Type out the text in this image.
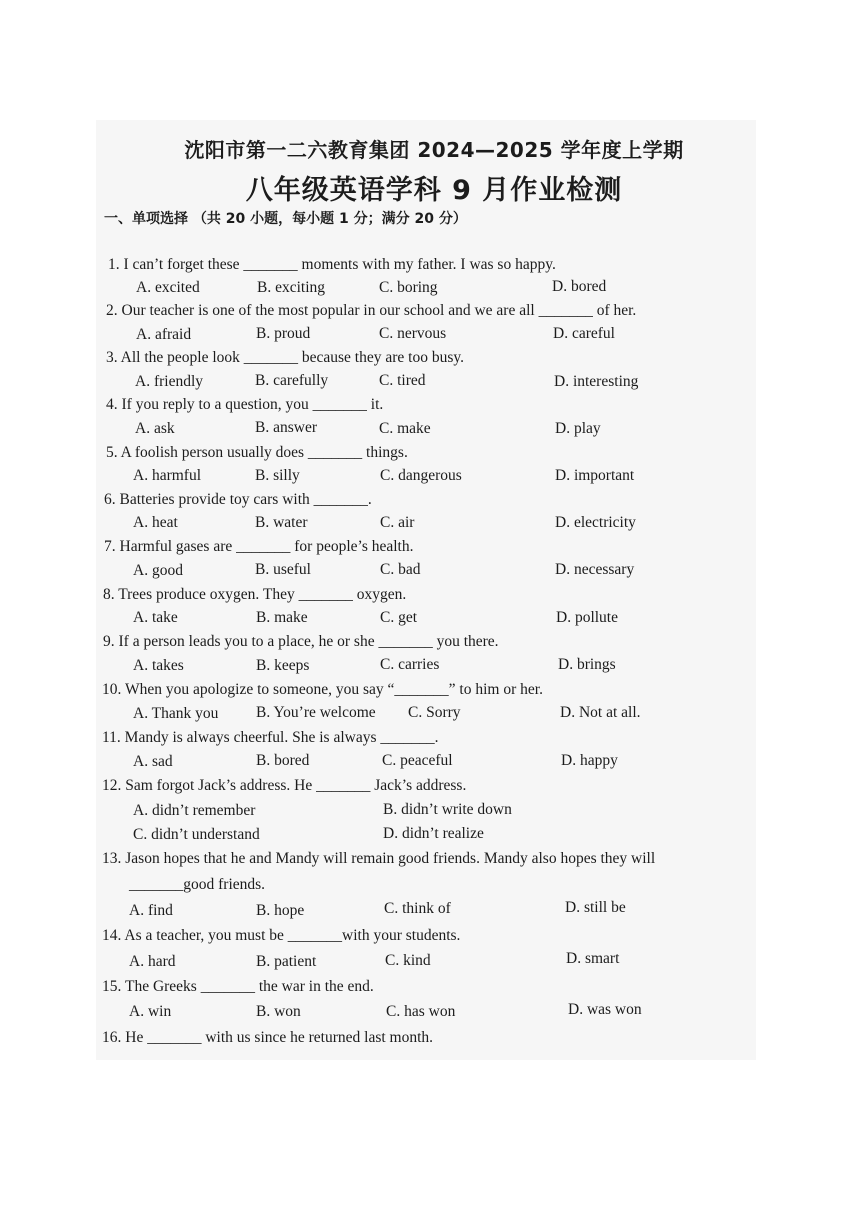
沈阳市第一二六教育集团 2024—2025 学年度上学期
八年级英语学科 9 月作业检测
一、单项选择 （共 20 小题，每小题 1 分；满分 20 分）
1. I can’t forget these _______ moments with my father. I was so happy.
A. excited	B. exciting	C. boring	D. bored
2. Our teacher is one of the most popular in our school and we are all _______ of her.
A. afraid	B. proud	C. nervous	D. careful
3. All the people look _______ because they are too busy.
A. friendly	B. carefully	C. tired	D. interesting
4. If you reply to a question, you _______ it.
A. ask	B. answer	C. make	D. play
5. A foolish person usually does _______ things.
A. harmful	B. silly	C. dangerous	D. important
6. Batteries provide toy cars with _______.
A. heat	B. water	C. air	D. electricity
7. Harmful gases are _______ for people’s health.
A. good	B. useful	C. bad	D. necessary
8. Trees produce oxygen. They _______ oxygen.
A. take	B. make	C. get	D. pollute
9. If a person leads you to a place, he or she _______ you there.
A. takes	B. keeps	C. carries	D. brings
10. When you apologize to someone, you say “_______” to him or her.
A. Thank you B. You’re welcome C. Sorry	D. Not at all.
11. Mandy is always cheerful. She is always _______.
A. sad	B. bored	C. peaceful	D. happy
12. Sam forgot Jack’s address. He _______ Jack’s address.
A. didn’t remember	B. didn’t write down
C. didn’t understand	D. didn’t realize
13. Jason hopes that he and Mandy will remain good friends. Mandy also hopes they will
_______good friends.
A. find	B. hope	C. think of	D. still be
14. As a teacher, you must be _______with your students.
A. hard	B. patient	C. kind	D. smart
15. The Greeks _______ the war in the end.
A. win	B. won	C. has won	D. was won
16. He _______ with us since he returned last month.
